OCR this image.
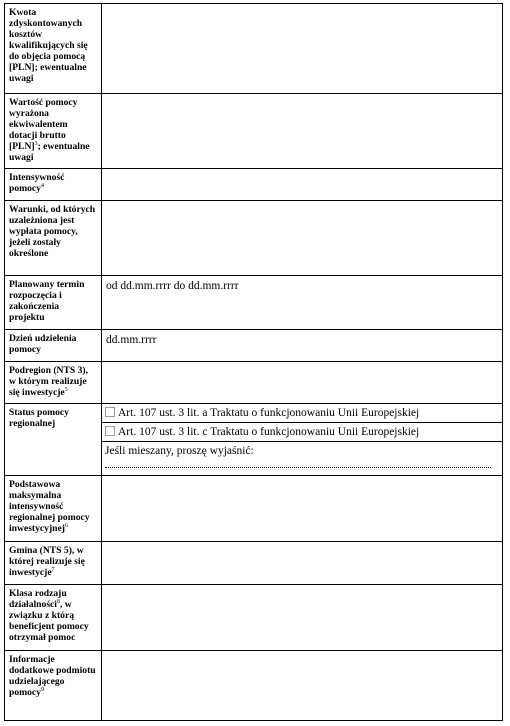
Kwota zdyskontowanych kosztów kwalifikujących się do objęcia pomocą [PLN]; ewentualne uwagi	
Wartość pomocy wyrażona ekwiwalentem dotacji brutto [PLN]$^3$; ewentualne uwagi	
Intensywność pomocy$^4$	
Warunki, od których uzależniona jest wypłata pomocy, jeżeli zostały określone	
Planowany termin rozpoczęcia i zakończenia projektu	od dd.mm.rrrr do dd.mm.rrrr
Dzień udzielenia pomocy	dd.mm.rrrr
Podregion (NTS 3), w którym realizuje się inwestycje$^5$	
Status pomocy regionalnej	Art. 107 ust. 3 lit. a Traktatu o funkcjonowaniu Unii Europejskiej
Art. 107 ust. 3 lit. c Traktatu o funkcjonowaniu Unii Europejskiej
Jeśli mieszany, proszę wyjaśnić:

Podstawowa maksymalna intensywność regionalnej pomocy inwestycyjnej$^6$	
Gmina (NTS 5), w której realizuje się inwestycje$^7$	
Klasa rodzaju działalności$^8$, w związku z którą beneficjent pomocy otrzymał pomoc	
Informacje dodatkowe podmiotu udzielającego pomocy$^9$	
